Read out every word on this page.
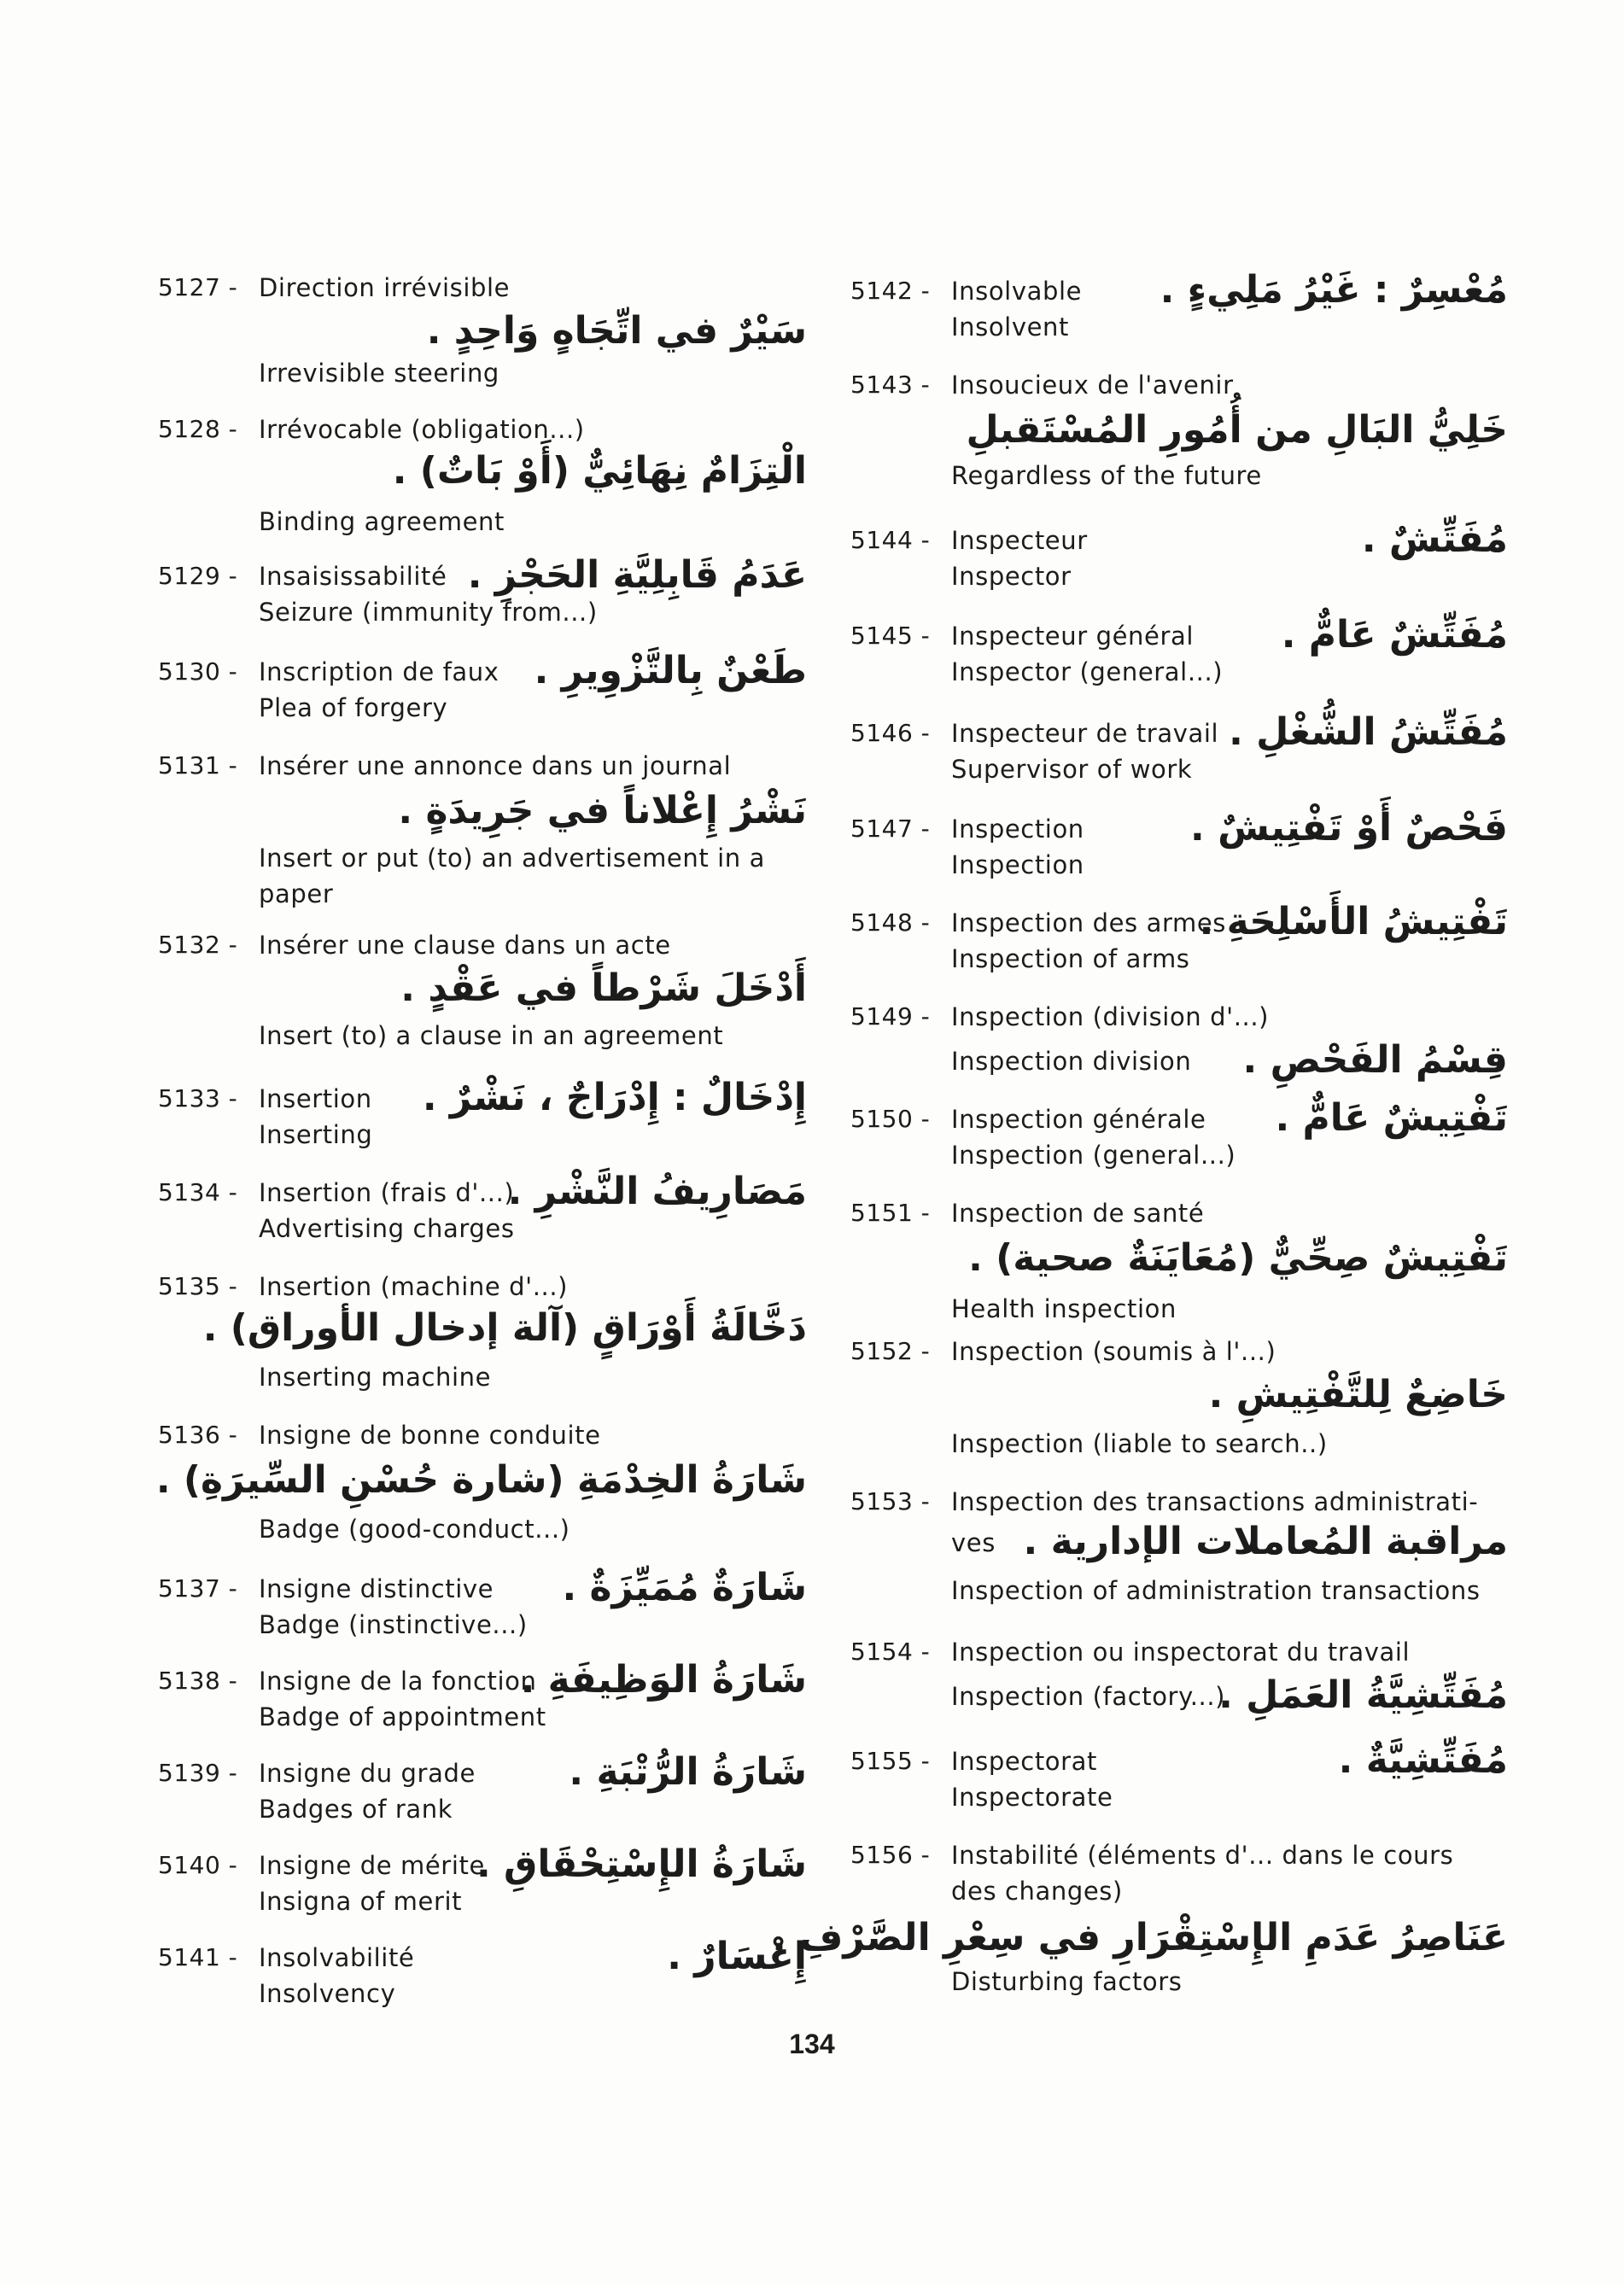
5127 - Direction irrévisible
سَيْرٌ في اتِّجَاهٍ وَاحِدٍ .
Irrevisible steering
5128 - Irrévocable (obligation...)
الْتِزَامٌ نِهَائِيٌّ (أَوْ بَاتٌ) .
Binding agreement
5129 - Insaisissabilité عَدَمُ قَابِلِيَّةِ الحَجْزِ .
Seizure (immunity from...)
5130 - Inscription de faux طَعْنٌ بِالتَّزْوِيرِ .
Plea of forgery
5131 - Insérer une annonce dans un journal
نَشْرُ إِعْلاناً في جَرِيدَةٍ .
Insert or put (to) an advertisement in a
paper
5132 - Insérer une clause dans un acte
أَدْخَلَ شَرْطاً في عَقْدٍ .
Insert (to) a clause in an agreement
5133 - Insertion إِدْخَالٌ : إِدْرَاجٌ ، نَشْرٌ .
Inserting
5134 - Insertion (frais d'...)
مَصَارِيفُ النَّشْرِ .
Advertising charges
5135 - Insertion (machine d'...)
دَخَّالَةُ أَوْرَاقٍ (آلة إدخال الأوراق) .
Inserting machine
5136 - Insigne de bonne conduite
شَارَةُ الخِدْمَةِ (شارة حُسْنِ السِّيرَةِ) .
Badge (good-conduct...)
5137 - Insigne distinctive شَارَةٌ مُمَيِّزَةٌ .
Badge (instinctive...)
5138 - Insigne de la fonction
شَارَةُ الوَظِيفَةِ .
Badge of appointment
5139 - Insigne du grade شَارَةُ الرُّتْبَةِ .
Badges of rank
5140 - Insigne de mérite
شَارَةُ الإِسْتِحْقَاقِ .
Insigna of merit
5141 - Insolvabilité	إِعْسَارٌ .
Insolvency
5142 - Insolvable مُعْسِرٌ : غَيْرُ مَلِيءٍ .
Insolvent
5143 - Insoucieux de l'avenir
خَلِيُّ البَالِ من أُمُورِ المُسْتَقبلِ
Regardless of the future
5144 - Inspecteur	مُفَتِّشٌ .
Inspector
5145 - Inspecteur général مُفَتِّشٌ عَامٌّ .
Inspector (general...)
5146 - Inspecteur de travail مُفَتِّشُ الشُّغْلِ .
Supervisor of work
5147 - Inspection	فَحْصٌ أَوْ تَفْتِيشٌ .
Inspection
5148 - Inspection des armes
تَفْتِيشُ الأَسْلِحَةِ .
Inspection of arms
5149 - Inspection (division d'...)
Inspection division قِسْمُ الفَحْصِ .
5150 - Inspection générale تَفْتِيشٌ عَامٌّ .
Inspection (general...)
5151 - Inspection de santé
تَفْتِيشٌ صِحِّيٌّ (مُعَايَنَةٌ صحية) .
Health inspection
5152 - Inspection (soumis à l'...)
خَاضِعٌ لِلتَّفْتِيشِ .
Inspection (liable to search..)
5153 - Inspection des transactions administrati-
ves مراقبة المُعاملات الإدارية .
Inspection of administration transactions
5154 - Inspection ou inspectorat du travail
Inspection (factory...)
مُفَتِّشِيَّةُ العَمَلِ .
5155 - Inspectorat	مُفَتِّشِيَّةٌ .
Inspectorate
5156 - Instabilité (éléments d'... dans le cours
des changes)
عَنَاصِرُ عَدَمِ الإِسْتِقْرَارِ في سِعْرِ الصَّرْفِ .
Disturbing factors
134
